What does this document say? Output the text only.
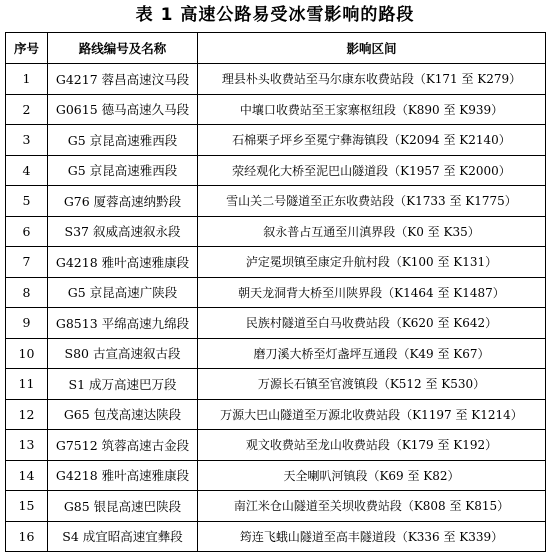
表 1 高速公路易受冰雪影响的路段
序号	路线编号及名称	影响区间
1	G4217 蓉昌高速汶马段	理县朴头收费站至马尔康东收费站段（K171 至 K279）
2	G0615 德马高速久马段	中壤口收费站至王家寨枢纽段（K890 至 K939）
3	G5 京昆高速雅西段	石棉栗子坪乡至冕宁彝海镇段（K2094 至 K2140）
4	G5 京昆高速雅西段	荥经观化大桥至泥巴山隧道段（K1957 至 K2000）
5	G76 厦蓉高速纳黔段	雪山关二号隧道至正东收费站段（K1733 至 K1775）
6	S37 叙威高速叙永段	叙永普占互通至川滇界段（K0 至 K35）
7	G4218 雅叶高速雅康段	泸定冕坝镇至康定升航村段（K100 至 K131）
8	G5 京昆高速广陕段	朝天龙洞背大桥至川陕界段（K1464 至 K1487）
9	G8513 平绵高速九绵段	民族村隧道至白马收费站段（K620 至 K642）
10	S80 古宣高速叙古段	磨刀溪大桥至灯盏坪互通段（K49 至 K67）
11	S1 成万高速巴万段	万源长石镇至官渡镇段（K512 至 K530）
12	G65 包茂高速达陕段	万源大巴山隧道至万源北收费站段（K1197 至 K1214）
13	G7512 筑蓉高速古金段	观文收费站至龙山收费站段（K179 至 K192）
14	G4218 雅叶高速雅康段	天全喇叭河镇段（K69 至 K82）
15	G85 银昆高速巴陕段	南江米仓山隧道至关坝收费站段（K808 至 K815）
16	S4 成宜昭高速宜彝段	筠连飞蛾山隧道至高丰隧道段（K336 至 K339）
